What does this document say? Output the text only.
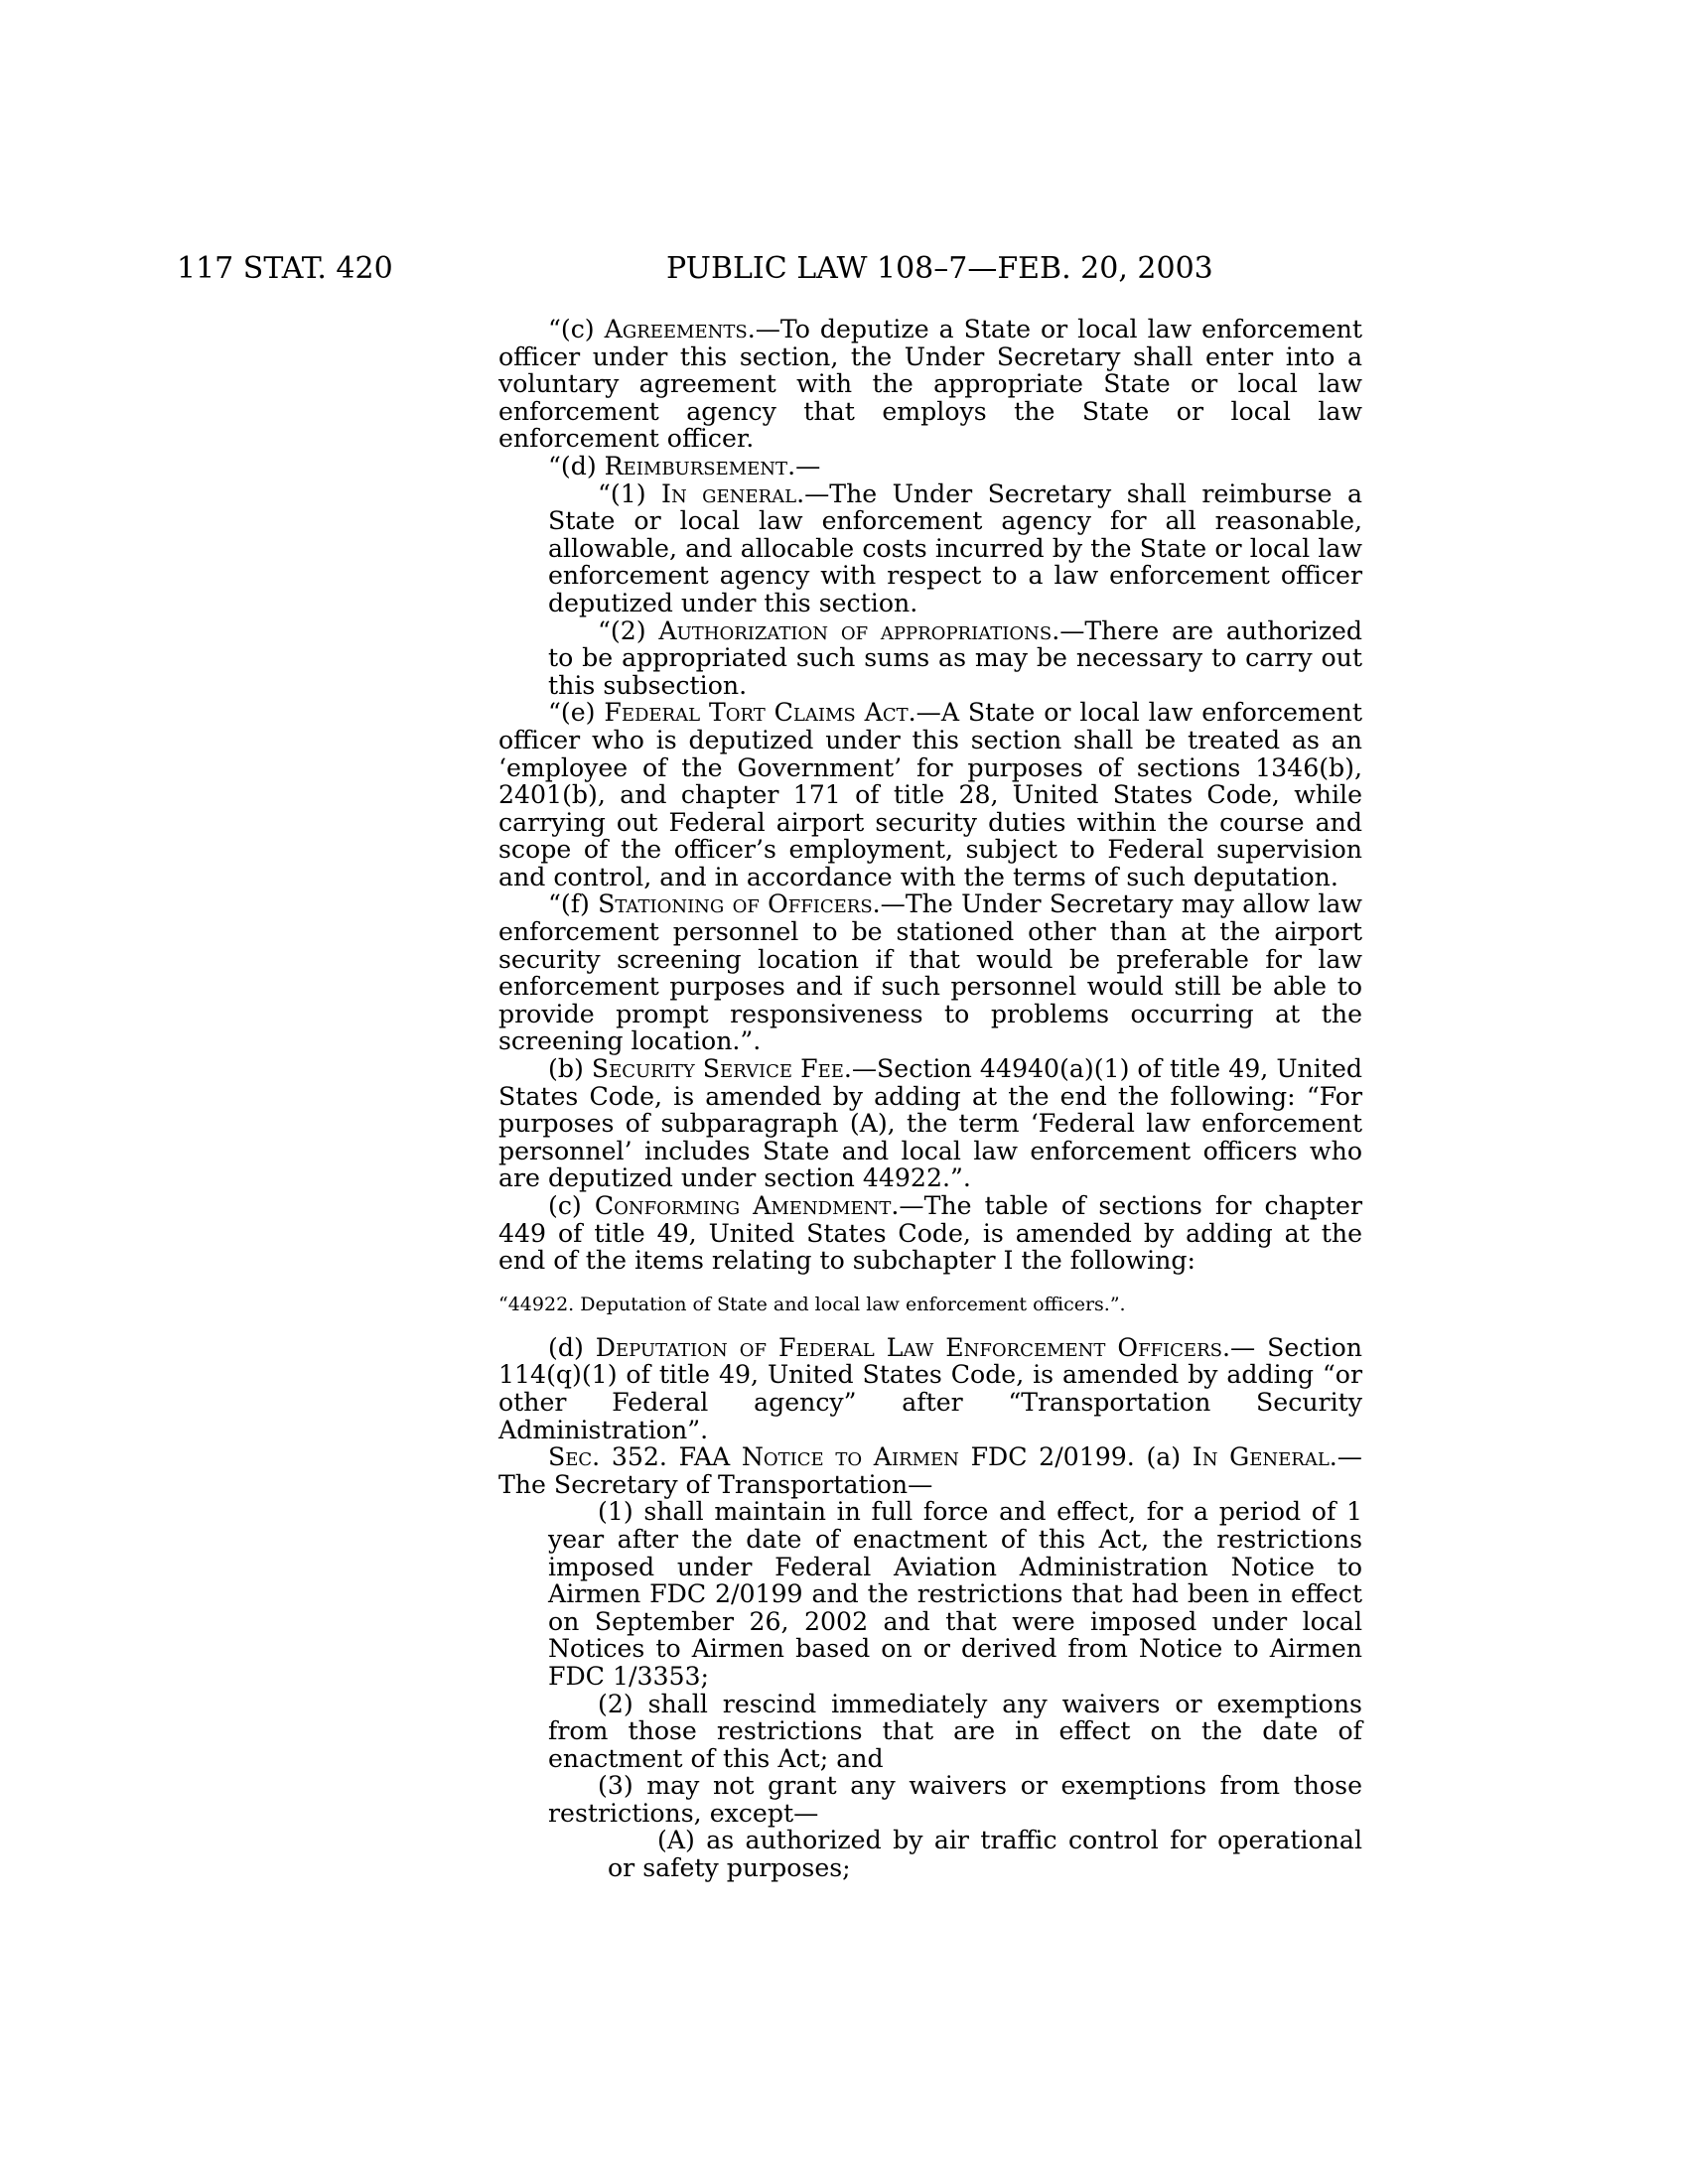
117 STAT. 420	PUBLIC LAW 108–7—FEB. 20, 2003

“(c) Agreements.—To deputize a State or local law enforcement officer under this section, the Under Secretary shall enter into a voluntary agreement with the appropriate State or local law enforcement agency that employs the State or local law enforcement officer.

“(d) Reimbursement.—

“(1) In general.—The Under Secretary shall reimburse a State or local law enforcement agency for all reasonable, allowable, and allocable costs incurred by the State or local law enforcement agency with respect to a law enforcement officer deputized under this section.

“(2) Authorization of appropriations.—There are authorized to be appropriated such sums as may be necessary to carry out this subsection.

“(e) Federal Tort Claims Act.—A State or local law enforcement officer who is deputized under this section shall be treated as an ‘employee of the Government’ for purposes of sections 1346(b), 2401(b), and chapter 171 of title 28, United States Code, while carrying out Federal airport security duties within the course and scope of the officer’s employment, subject to Federal supervision and control, and in accordance with the terms of such deputation.

“(f) Stationing of Officers.—The Under Secretary may allow law enforcement personnel to be stationed other than at the airport security screening location if that would be preferable for law enforcement purposes and if such personnel would still be able to provide prompt responsiveness to problems occurring at the screening location.”.

(b) Security Service Fee.—Section 44940(a)(1) of title 49, United States Code, is amended by adding at the end the following: “For purposes of subparagraph (A), the term ‘Federal law enforcement personnel’ includes State and local law enforcement officers who are deputized under section 44922.”.

(c) Conforming Amendment.—The table of sections for chapter 449 of title 49, United States Code, is amended by adding at the end of the items relating to subchapter I the following:

“44922. Deputation of State and local law enforcement officers.”.

(d) Deputation of Federal Law Enforcement Officers.— Section 114(q)(1) of title 49, United States Code, is amended by adding “or other Federal agency” after “Transportation Security Administration”.

Sec. 352. FAA Notice to Airmen FDC 2/0199. (a) In General.—The Secretary of Transportation—

(1) shall maintain in full force and effect, for a period of 1 year after the date of enactment of this Act, the restrictions imposed under Federal Aviation Administration Notice to Airmen FDC 2/0199 and the restrictions that had been in effect on September 26, 2002 and that were imposed under local Notices to Airmen based on or derived from Notice to Airmen FDC 1/3353;

(2) shall rescind immediately any waivers or exemptions from those restrictions that are in effect on the date of enactment of this Act; and

(3) may not grant any waivers or exemptions from those restrictions, except—

(A) as authorized by air traffic control for operational or safety purposes;
